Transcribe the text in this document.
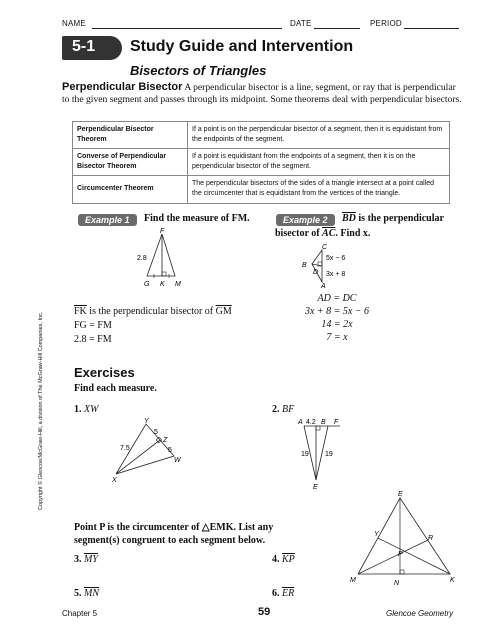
NAME	DATE	PERIOD
5-1 Study Guide and Intervention
Bisectors of Triangles
Perpendicular Bisector A perpendicular bisector is a line, segment, or ray that is perpendicular to the given segment and passes through its midpoint. Some theorems deal with perpendicular bisectors.
Perpendicular Bisector Theorem	If a point is on the perpendicular bisector of a segment, then it is equidistant from the endpoints of the segment.
Converse of Perpendicular Bisector Theorem	If a point is equidistant from the endpoints of a segment, then it is on the perpendicular bisector of the segment.
Circumcenter Theorem	The perpendicular bisectors of the sides of a triangle intersect at a point called the circumcenter that is equidistant from the vertices of the triangle.
Example 1	Find the measure of FM.
F
2.8
G K M
$\overline{FK}$ is the perpendicular bisector of $\overline{GM}$
FG = FM
2.8 = FM
Example 2	$\overline{BD}$ is the perpendicular
bisector of $\overline{AC}$. Find x.
C
B
D
A
5x − 6
3x + 8
AD = DC
3x + 8 = 5x − 6
14 = 2x
7 = x
Copyright © Glencoe/McGraw-Hill, a division of The McGraw-Hill Companies, Inc. Exercises
Find each measure.
1. XW	2. BF
X
Y
Z
W
7.5
5
5
A 4.2 B F
19 19
E
Point P is the circumcenter of △EMK. List any
segment(s) congruent to each segment below.
3. $\overline{MY}$	4. $\overline{KP}$
5. $\overline{MN}$	6. $\overline{ER}$
E
Y
R
P
M	N	K
Chapter 5	59	Glencoe Geometry
